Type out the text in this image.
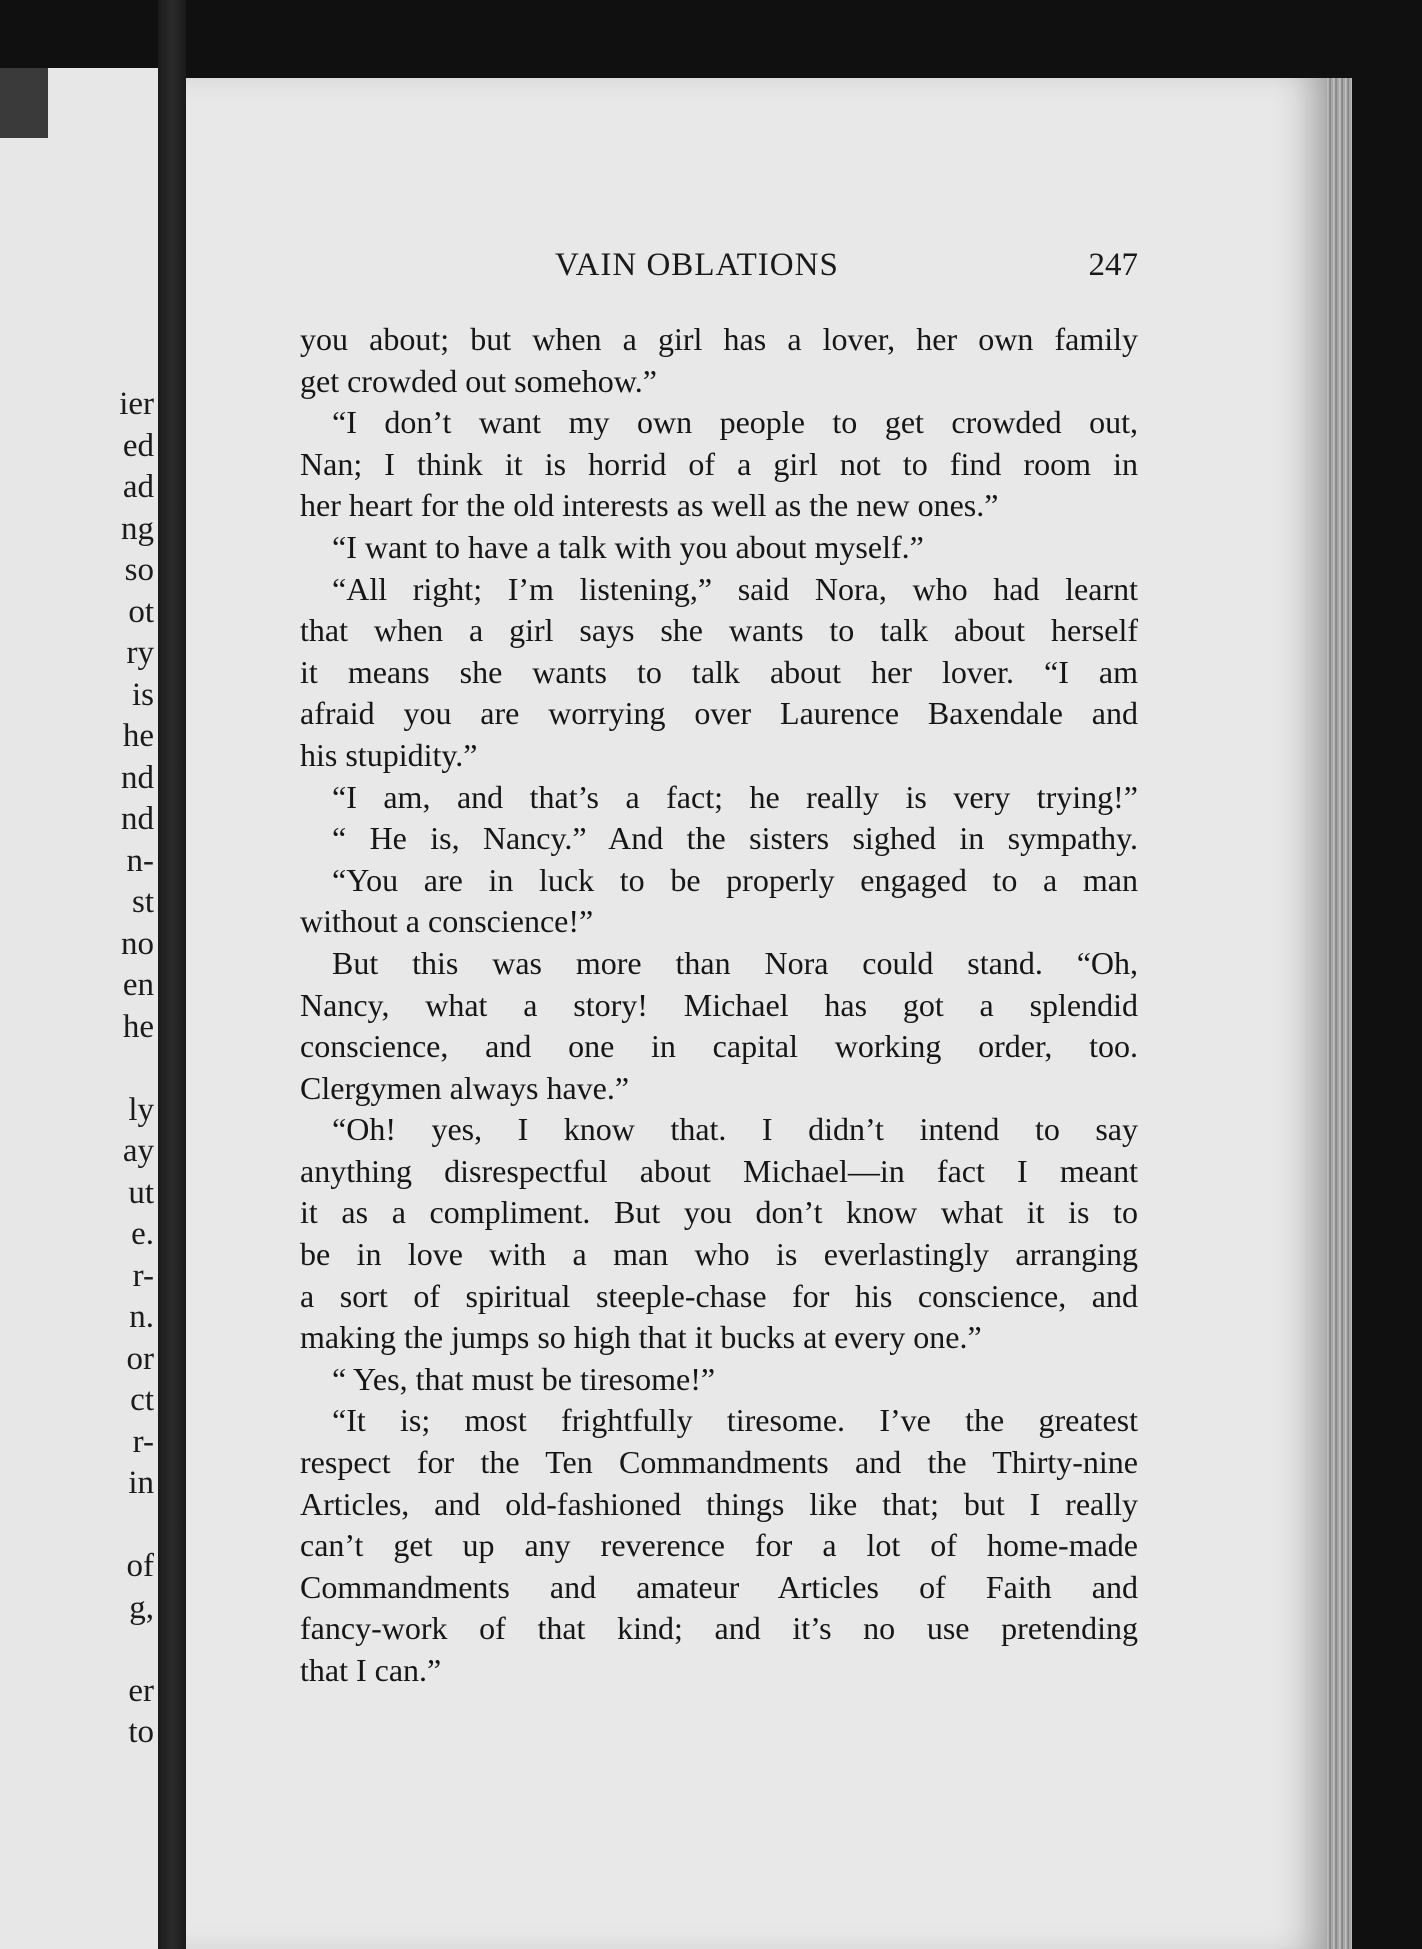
ier
ed
ad
ng
so
ot
ry
is
he
nd
nd
n-
st
no
en
he
ly
ay
ut
e.
r-
n.
or
ct
r-
in
of
g,
er
to
VAIN OBLATIONS	247
you about; but when a girl has a lover, her own family
get crowded out somehow.”
“I don’t want my own people to get crowded out,
Nan; I think it is horrid of a girl not to find room in
her heart for the old interests as well as the new ones.”
“I want to have a talk with you about myself.”
“All right; I’m listening,” said Nora, who had learnt
that when a girl says she wants to talk about herself
it means she wants to talk about her lover. “I am
afraid you are worrying over Laurence Baxendale and
his stupidity.”
“I am, and that’s a fact; he really is very trying!”
“ He is, Nancy.” And the sisters sighed in sympathy.
“You are in luck to be properly engaged to a man
without a conscience!”
But this was more than Nora could stand. “Oh,
Nancy, what a story! Michael has got a splendid
conscience, and one in capital working order, too.
Clergymen always have.”
“Oh! yes, I know that. I didn’t intend to say
anything disrespectful about Michael—in fact I meant
it as a compliment. But you don’t know what it is to
be in love with a man who is everlastingly arranging
a sort of spiritual steeple-chase for his conscience, and
making the jumps so high that it bucks at every one.”
“ Yes, that must be tiresome!”
“It is; most frightfully tiresome. I’ve the greatest
respect for the Ten Commandments and the Thirty-nine
Articles, and old-fashioned things like that; but I really
can’t get up any reverence for a lot of home-made
Commandments and amateur Articles of Faith and
fancy-work of that kind; and it’s no use pretending
that I can.”
